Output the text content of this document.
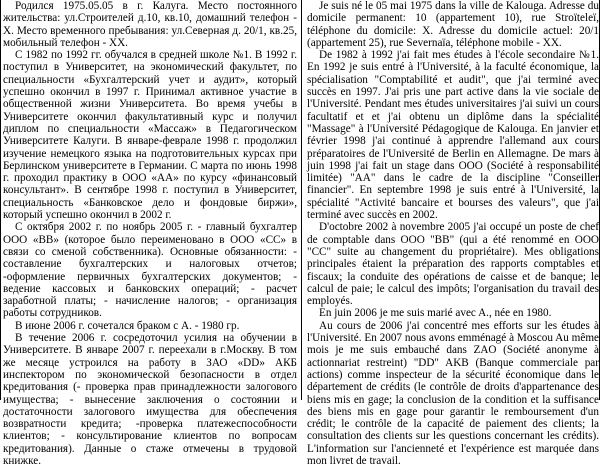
Родился 1975.05.05 в г. Калуга. Место постоянного жительства: ул.Строителей д.10, кв.10, домашний телефон - Х. Место временного пребывания: ул.Северная д. 20/1, кв.25, мобильный телефон - ХХ.

С 1982 по 1992 гг. обучался в средней школе №1. В 1992 г. поступил в Университет, на экономический факультет, по специальности «Бухгалтерский учет и аудит», который успешно окончил в 1997 г. Принимал активное участие в общественной жизни Университета. Во время учебы в Университете окончил факультативный курс и получил диплом по специальности «Массаж» в Педагогическом Университете Калуги. В январе-феврале 1998 г. продолжил изучение немецкого языка на подготовительных курсах при Берлинском университете в Германии. С марта по июнь 1998 г. проходил практику в ООО «АА» по курсу «финансовый консультант». В сентябре 1998 г. поступил в Университет, специальность «Банковское дело и фондовые биржи», который успешно окончил в 2002 г.

С октября 2002 г. по ноябрь 2005 г. - главный бухгалтер ООО «ВВ» (которое было переименовано в ООО «СС» в связи со сменой собственника). Основные обязанности: - составление бухгалтерских и налоговых отчетов; -оформление первичных бухгалтерских документов; - ведение кассовых и банковских операций; - расчет заработной платы; - начисление налогов; - организация работы сотрудников.

В июне 2006 г. сочетался браком с А. - 1980 гр.

В течение 2006 г. сосредоточил усилия на обучении в Университете. В январе 2007 г. переехали в г.Москву. В том же месяце устроился на работу в ЗАО «DD» АКБ инспектором по экономической безопасности в отдел кредитования (- проверка прав принадлежности залогового имущества; - вынесение заключения о состоянии и достаточности залогового имущества для обеспечения возвратности кредита; -проверка платежеспособности клиентов; - консультирование клиентов по вопросам кредитования). Данные о стаже отмечены в трудовой книжке.

Je suis né le 05 mai 1975 dans la ville de Kalouga. Adresse du domicile permanent: 10 (appartement 10), rue Stroïteleï, téléphone du domicile: X. Adresse du domicile actuel: 20/1 (appartement 25), rue Severnaïa, téléphone mobile - XX.

De 1982 à 1992 j'ai fait mes études à l'école secondaire №1. En 1992 je suis entré à l'Université, à la faculté économique, la spécialisation "Comptabilité et audit", que j'ai terminé avec succès en 1997. J'ai pris une part active dans la vie sociale de l'Université. Pendant mes études universitaires j'ai suivi un cours facultatif et et j'ai obtenu un diplôme dans la spécialité "Massage" à l'Université Pédagogique de Kalouga. En janvier et février 1998 j'ai continué à apprendre l'allemand aux cours préparatoires de l'Université de Berlin en Allemagne. De mars à juin 1998 j'ai fait un stage dans OOO (Société à responsabilité limitée) "AA" dans le cadre de la discipline "Conseiller financier". En septembre 1998 je suis entré à l'Université, la spécialité "Activité bancaire et bourses des valeurs", que j'ai terminé avec succès en 2002.

D'octobre 2002 à novembre 2005 j'ai occupé un poste de chef de comptable dans OOO "BB" (qui a été renommé en OOO "CC" suite au changement du propriétaire). Mes obligations principales étaient la préparation des rapports comptables et fiscaux; la conduite des opérations de caisse et de banque; le calcul de paie; le calcul des impôts; l'organisation du travail des employés.

En juin 2006 je me suis marié avec A., née en 1980.

Au cours de 2006 j'ai concentré mes efforts sur les études à l'Université. En 2007 nous avons emménagé à Moscou Au même mois je me suis embauché dans ZAO (Société anonyme à actionnariat restreint) "DD" AKB (Banque commerciale par actions) comme inspecteur de la sécurité économique dans le département de crédits (le contrôle de droits d'appartenance des biens mis en gage; la conclusion de la condition et la suffisance des biens mis en gage pour garantir le remboursement d'un crédit; le contrôle de la capacité de paiement des clients; la consultation des clients sur les questions concernant les crédits). L'information sur l'ancienneté et l'expérience est marquée dans mon livret de travail.
